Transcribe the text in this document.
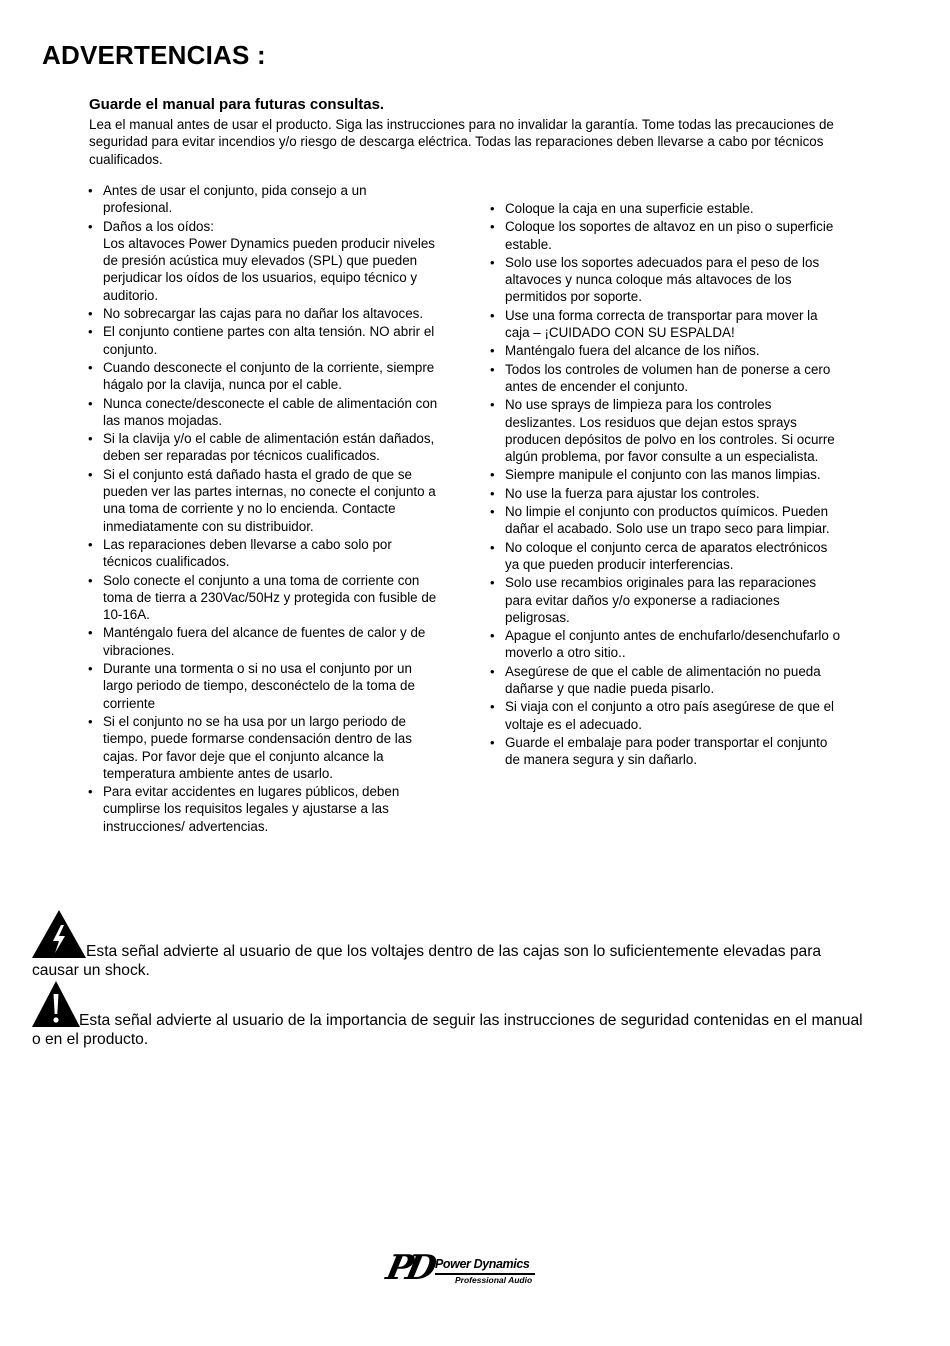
ADVERTENCIAS :

Guarde el manual para futuras consultas.

Lea el manual antes de usar el producto. Siga las instrucciones para no invalidar la garantía. Tome todas las precauciones de seguridad para evitar incendios y/o riesgo de descarga eléctrica. Todas las reparaciones deben llevarse a cabo por técnicos cualificados.

• Antes de usar el conjunto, pida consejo a un profesional.
• Daños a los oídos:
Los altavoces Power Dynamics pueden producir niveles de presión acústica muy elevados (SPL) que pueden perjudicar los oídos de los usuarios, equipo técnico y auditorio.
• No sobrecargar las cajas para no dañar los altavoces.
• El conjunto contiene partes con alta tensión. NO abrir el conjunto.
• Cuando desconecte el conjunto de la corriente, siempre hágalo por la clavija, nunca por el cable.
• Nunca conecte/desconecte el cable de alimentación con las manos mojadas.
• Si la clavija y/o el cable de alimentación están dañados, deben ser reparadas por técnicos cualificados.
• Si el conjunto está dañado hasta el grado de que se pueden ver las partes internas, no conecte el conjunto a una toma de corriente y no lo encienda. Contacte inmediatamente con su distribuidor.
• Las reparaciones deben llevarse a cabo solo por técnicos cualificados.
• Solo conecte el conjunto a una toma de corriente con toma de tierra a 230Vac/50Hz y protegida con fusible de 10-16A.
• Manténgalo fuera del alcance de fuentes de calor y de vibraciones.
• Durante una tormenta o si no usa el conjunto por un largo periodo de tiempo, desconéctelo de la toma de corriente
• Si el conjunto no se ha usa por un largo periodo de tiempo, puede formarse condensación dentro de las cajas. Por favor deje que el conjunto alcance la temperatura ambiente antes de usarlo.
• Para evitar accidentes en lugares públicos, deben cumplirse los requisitos legales y ajustarse a las instrucciones/ advertencias.
• Coloque la caja en una superficie estable.
• Coloque los soportes de altavoz en un piso o superficie estable.
• Solo use los soportes adecuados para el peso de los altavoces y nunca coloque más altavoces de los permitidos por soporte.
• Use una forma correcta de transportar para mover la caja – ¡CUIDADO CON SU ESPALDA!
• Manténgalo fuera del alcance de los niños.
• Todos los controles de volumen han de ponerse a cero antes de encender el conjunto.
• No use sprays de limpieza para los controles deslizantes. Los residuos que dejan estos sprays producen depósitos de polvo en los controles. Si ocurre algún problema, por favor consulte a un especialista.
• Siempre manipule el conjunto con las manos limpias.
• No use la fuerza para ajustar los controles.
• No limpie el conjunto con productos químicos. Pueden dañar el acabado. Solo use un trapo seco para limpiar.
• No coloque el conjunto cerca de aparatos electrónicos ya que pueden producir interferencias.
• Solo use recambios originales para las reparaciones para evitar daños y/o exponerse a radiaciones peligrosas.
• Apague el conjunto antes de enchufarlo/desenchufarlo o moverlo a otro sitio..
• Asegúrese de que el cable de alimentación no pueda dañarse y que nadie pueda pisarlo.
• Si viaja con el conjunto a otro país asegúrese de que el voltaje es el adecuado.
• Guarde el embalaje para poder transportar el conjunto de manera segura y sin dañarlo.

Esta señal advierte al usuario de que los voltajes dentro de las cajas son lo suficientemente elevadas para causar un shock.

Esta señal advierte al usuario de la importancia de seguir las instrucciones de seguridad contenidas en el manual o en el producto.

PD Power Dynamics
Professional Audio
